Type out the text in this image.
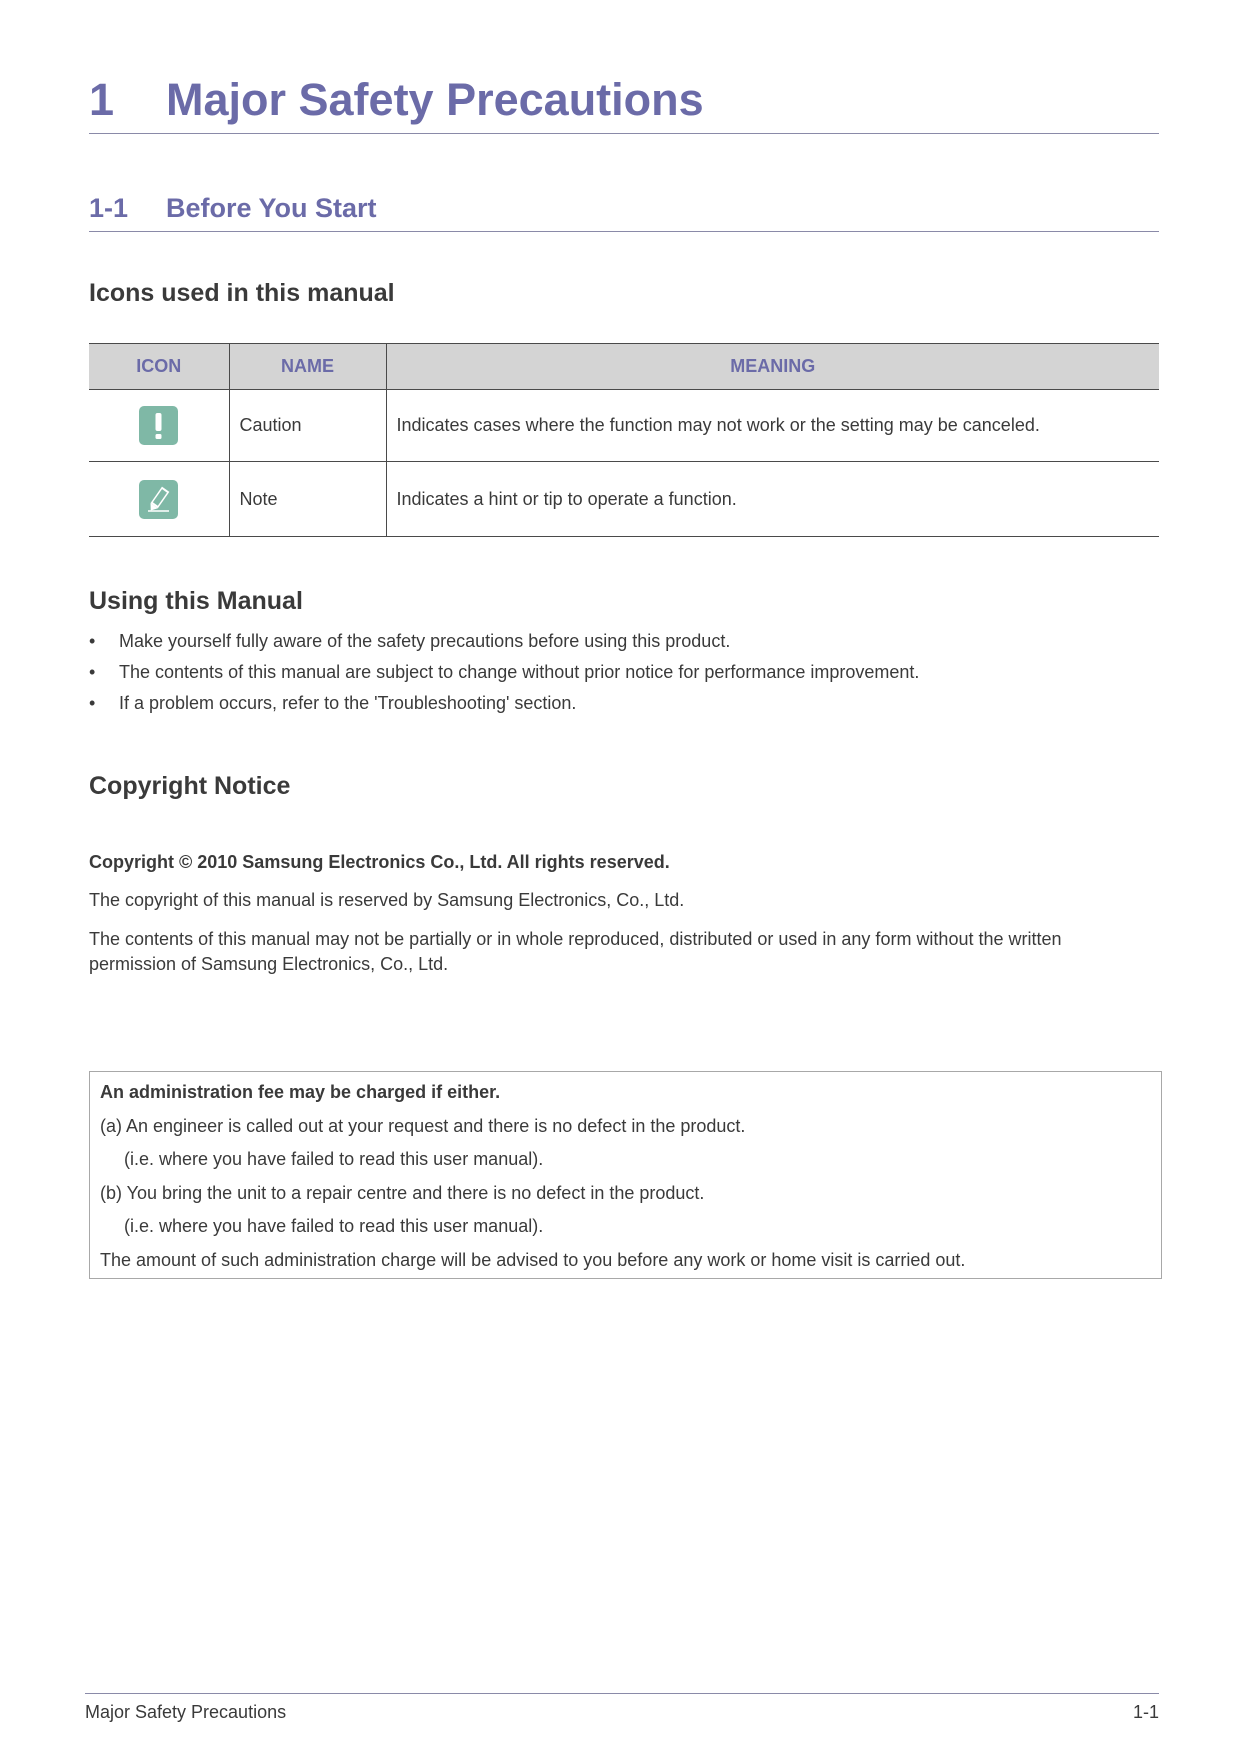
1	Major Safety Precautions
1-1	Before You Start
Icons used in this manual
ICON	NAME	MEANING

	Caution	Indicates cases where the function may not work or the setting may be canceled.

	Note	Indicates a hint or tip to operate a function.
Using this Manual
• Make yourself fully aware of the safety precautions before using this product.
• The contents of this manual are subject to change without prior notice for performance improvement.
• If a problem occurs, refer to the 'Troubleshooting' section.
Copyright Notice
Copyright © 2010 Samsung Electronics Co., Ltd. All rights reserved.
The copyright of this manual is reserved by Samsung Electronics, Co., Ltd.
The contents of this manual may not be partially or in whole reproduced, distributed or used in any form without the written permission of Samsung Electronics, Co., Ltd.
An administration fee may be charged if either.
(a) An engineer is called out at your request and there is no defect in the product.
(i.e. where you have failed to read this user manual).
(b) You bring the unit to a repair centre and there is no defect in the product.
(i.e. where you have failed to read this user manual).
The amount of such administration charge will be advised to you before any work or home visit is carried out.
Major Safety Precautions	1-1
